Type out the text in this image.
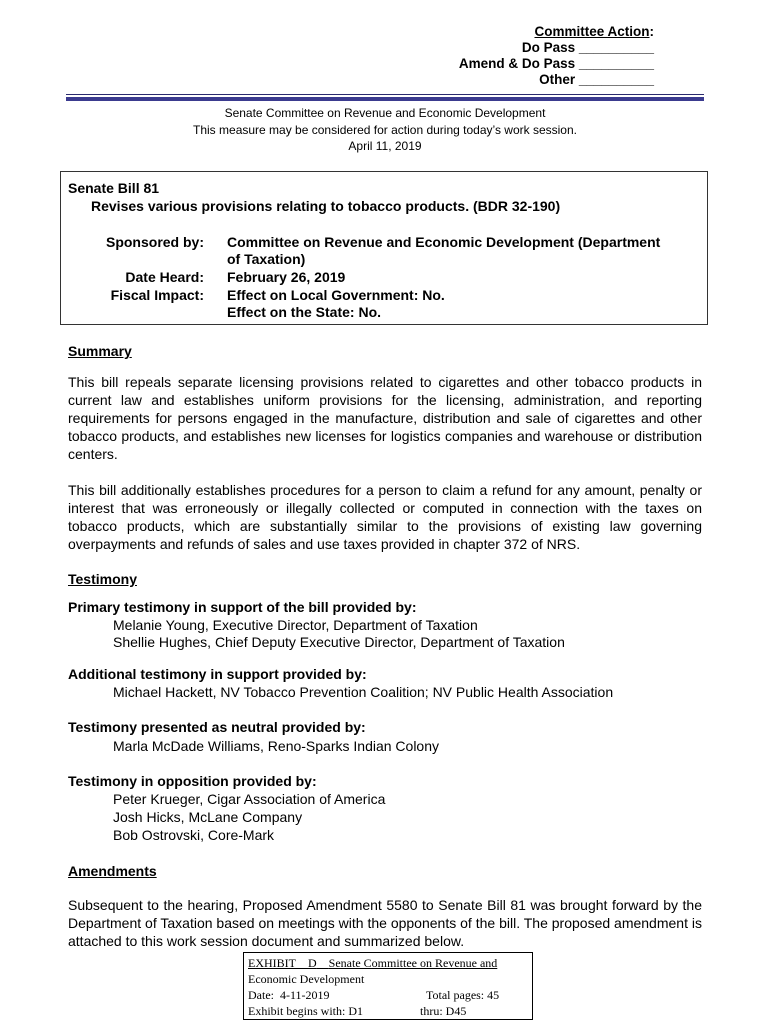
Committee Action:
Do Pass __________
Amend & Do Pass __________
Other __________
Senate Committee on Revenue and Economic Development
This measure may be considered for action during today’s work session.
April 11, 2019
Senate Bill 81
Revises various provisions relating to tobacco products. (BDR 32-190)
Sponsored by: Committee on Revenue and Economic Development (Department
of Taxation)
Date Heard: February 26, 2019
Fiscal Impact: Effect on Local Government: No.
Effect on the State: No.
Summary
This bill repeals separate licensing provisions related to cigarettes and other tobacco products in current law and establishes uniform provisions for the licensing, administration, and reporting requirements for persons engaged in the manufacture, distribution and sale of cigarettes and other tobacco products, and establishes new licenses for logistics companies and warehouse or distribution centers.
This bill additionally establishes procedures for a person to claim a refund for any amount, penalty or interest that was erroneously or illegally collected or computed in connection with the taxes on tobacco products, which are substantially similar to the provisions of existing law governing overpayments and refunds of sales and use taxes provided in chapter 372 of NRS.
Testimony
Primary testimony in support of the bill provided by:
Melanie Young, Executive Director, Department of Taxation
Shellie Hughes, Chief Deputy Executive Director, Department of Taxation
Additional testimony in support provided by:
Michael Hackett, NV Tobacco Prevention Coalition; NV Public Health Association
Testimony presented as neutral provided by:
Marla McDade Williams, Reno-Sparks Indian Colony
Testimony in opposition provided by:
Peter Krueger, Cigar Association of America
Josh Hicks, McLane Company
Bob Ostrovski, Core-Mark
Amendments
Subsequent to the hearing, Proposed Amendment 5580 to Senate Bill 81 was brought forward by the Department of Taxation based on meetings with the opponents of the bill. The proposed amendment is attached to this work session document and summarized below.
EXHIBIT D Senate Committee on Revenue and
Economic Development
Date: 4-11-2019	Total pages: 45
Exhibit begins with: D1	thru: D45
